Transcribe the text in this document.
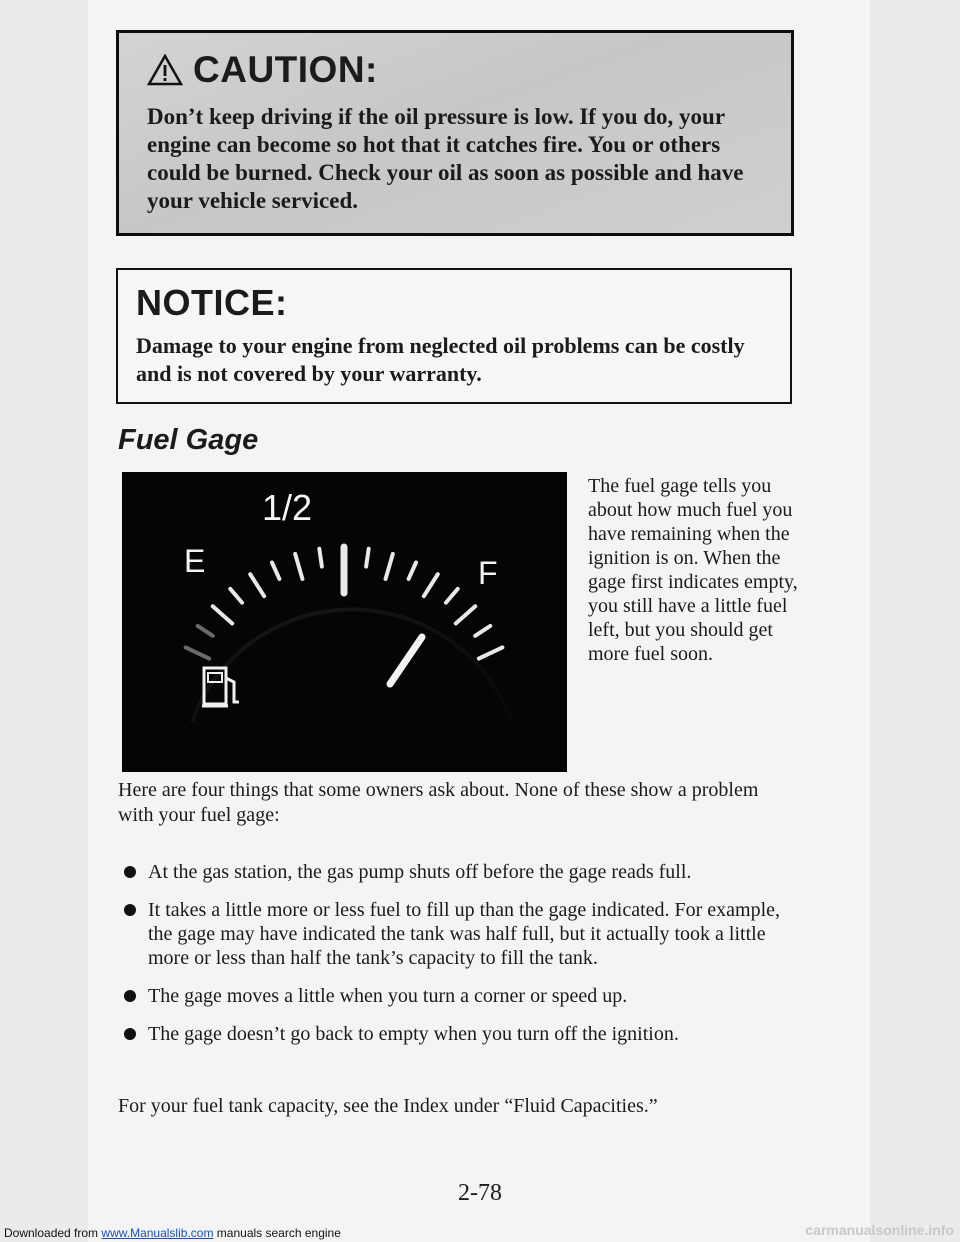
CAUTION:
Don’t keep driving if the oil pressure is low. If you do, your engine can become so hot that it catches fire. You or others could be burned. Check your oil as soon as possible and have your vehicle serviced.
NOTICE:
Damage to your engine from neglected oil problems can be costly and is not covered by your warranty.
Fuel Gage
1/2
E	F
The fuel gage tells you about how much fuel you have remaining when the ignition is on. When the gage first indicates empty, you still have a little fuel left, but you should get more fuel soon.
Here are four things that some owners ask about. None of these show a problem with your fuel gage:
At the gas station, the gas pump shuts off before the gage reads full.
It takes a little more or less fuel to fill up than the gage indicated. For example, the gage may have indicated the tank was half full, but it actually took a little more or less than half the tank’s capacity to fill the tank.
The gage moves a little when you turn a corner or speed up.
The gage doesn’t go back to empty when you turn off the ignition.
For your fuel tank capacity, see the Index under “Fluid Capacities.”
2-78
Downloaded from www.Manualslib.com manuals search engine	carmanualsonline.info
